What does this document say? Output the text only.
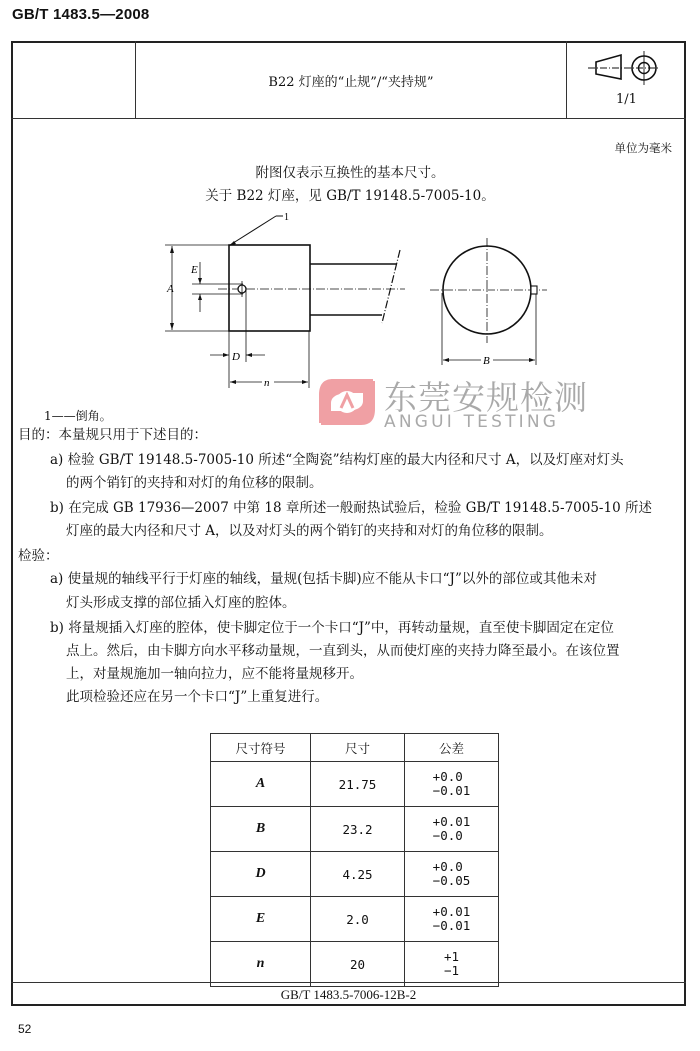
GB/T 1483.5—2008
B22 灯座的“止规”/“夹持规”
1/1
单位为毫米
附图仅表示互换性的基本尺寸。
关于 B22 灯座，见 GB/T 19148.5-7005-10。
1
A
E
D
n
B
东莞安规检测
ANGUI TESTING
1——倒角。
目的：本量规只用于下述目的：
a) 检验 GB/T 19148.5-7005-10 所述“全陶瓷”结构灯座的最大内径和尺寸 A，以及灯座对灯头
的两个销钉的夹持和对灯的角位移的限制。
b) 在完成 GB 17936—2007 中第 18 章所述一般耐热试验后，检验 GB/T 19148.5-7005-10 所述
灯座的最大内径和尺寸 A，以及对灯头的两个销钉的夹持和对灯的角位移的限制。
检验：
a) 使量规的轴线平行于灯座的轴线，量规(包括卡脚)应不能从卡口“J”以外的部位或其他未对
灯头形成支撑的部位插入灯座的腔体。
b) 将量规插入灯座的腔体，使卡脚定位于一个卡口“J”中，再转动量规，直至使卡脚固定在定位
点上。然后，由卡脚方向水平移动量规，一直到头，从而使灯座的夹持力降至最小。在该位置
上，对量规施加一轴向拉力，应不能将量规移开。
此项检验还应在另一个卡口“J”上重复进行。
尺寸符号	尺寸	公差
A	21.75	+0.0
−0.01
B	23.2	+0.01
−0.0
D	4.25	+0.0
−0.05
E	2.0	+0.01
−0.01
n	20	+1
−1
GB/T 1483.5-7006-12B-2
52
